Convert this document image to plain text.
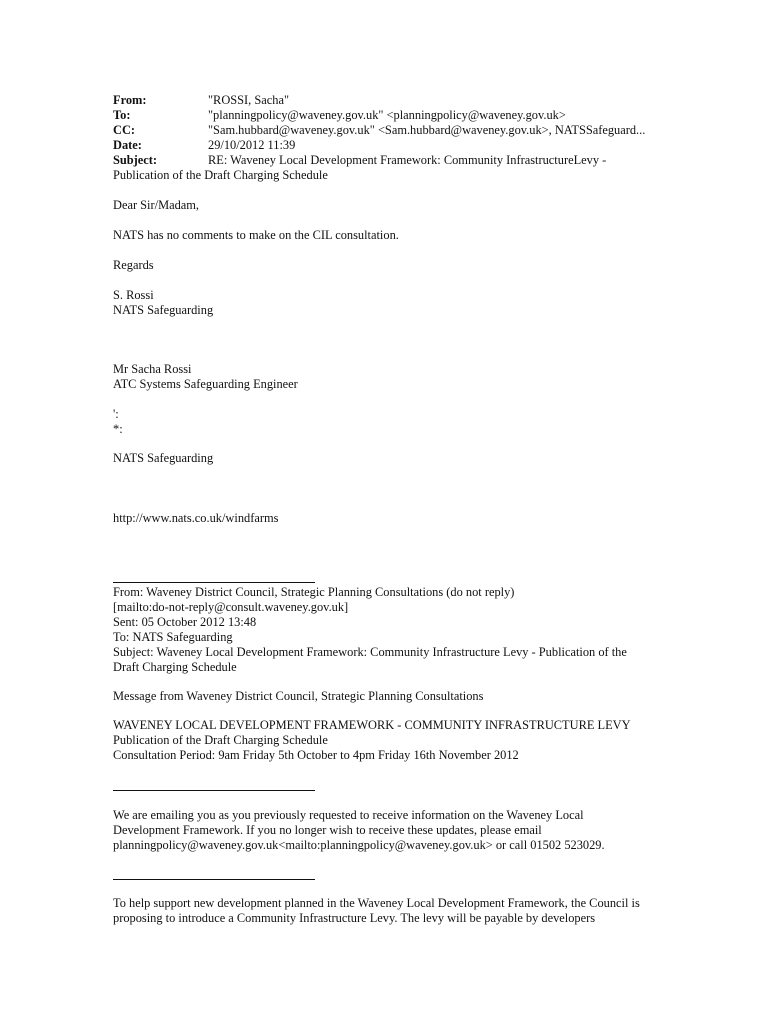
From:	"ROSSI, Sacha"
To:	"planningpolicy@waveney.gov.uk" <planningpolicy@waveney.gov.uk>
CC:	"Sam.hubbard@waveney.gov.uk" <Sam.hubbard@waveney.gov.uk>, NATSSafeguard...
Date:	29/10/2012 11:39
Subject:	RE: Waveney Local Development Framework: Community InfrastructureLevy -
Publication of the Draft Charging Schedule
Dear Sir/Madam,
NATS has no comments to make on the CIL consultation.
Regards
S. Rossi
NATS Safeguarding
Mr Sacha Rossi
ATC Systems Safeguarding Engineer
':
*:
NATS Safeguarding
http://www.nats.co.uk/windfarms
From: Waveney District Council, Strategic Planning Consultations (do not reply)
[mailto:do-not-reply@consult.waveney.gov.uk]
Sent: 05 October 2012 13:48
To: NATS Safeguarding
Subject: Waveney Local Development Framework: Community Infrastructure Levy - Publication of the
Draft Charging Schedule
Message from Waveney District Council, Strategic Planning Consultations
WAVENEY LOCAL DEVELOPMENT FRAMEWORK - COMMUNITY INFRASTRUCTURE LEVY
Publication of the Draft Charging Schedule
Consultation Period: 9am Friday 5th October to 4pm Friday 16th November 2012
We are emailing you as you previously requested to receive information on the Waveney Local
Development Framework. If you no longer wish to receive these updates, please email
planningpolicy@waveney.gov.uk<mailto:planningpolicy@waveney.gov.uk> or call 01502 523029.
To help support new development planned in the Waveney Local Development Framework, the Council is
proposing to introduce a Community Infrastructure Levy. The levy will be payable by developers
